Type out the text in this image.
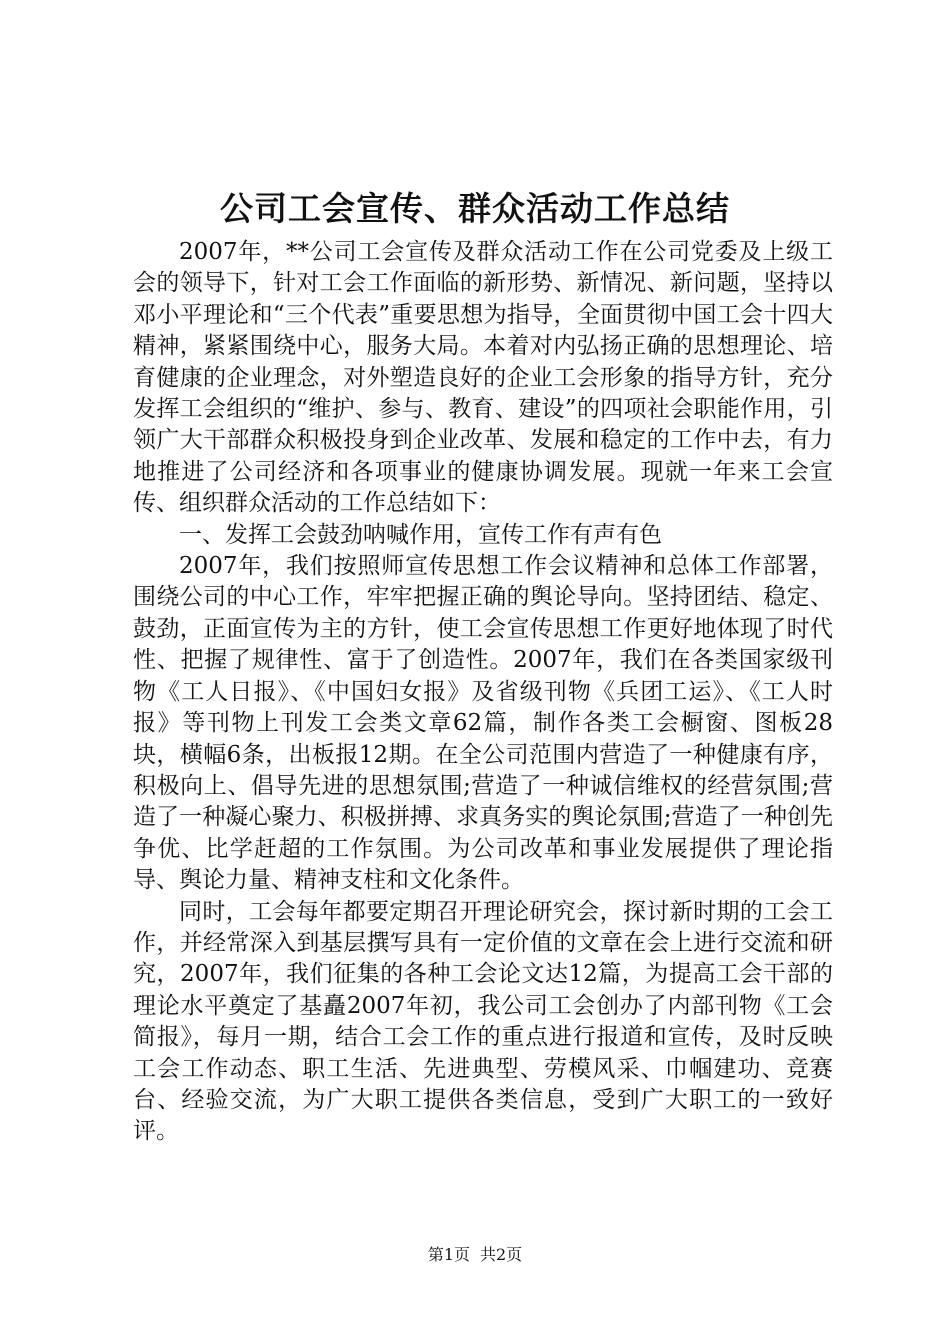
公司工会宣传、群众活动工作总结

2007年，**公司工会宣传及群众活动工作在公司党委及上级工会的领导下，针对工会工作面临的新形势、新情况、新问题，坚持以邓小平理论和“三个代表”重要思想为指导，全面贯彻中国工会十四大精神，紧紧围绕中心，服务大局。本着对内弘扬正确的思想理论、培育健康的企业理念，对外塑造良好的企业工会形象的指导方针，充分发挥工会组织的“维护、参与、教育、建设”的四项社会职能作用，引领广大干部群众积极投身到企业改革、发展和稳定的工作中去，有力地推进了公司经济和各项事业的健康协调发展。现就一年来工会宣传、组织群众活动的工作总结如下：

一、发挥工会鼓劲呐喊作用，宣传工作有声有色

2007年，我们按照师宣传思想工作会议精神和总体工作部署，围绕公司的中心工作，牢牢把握正确的舆论导向。坚持团结、稳定、鼓劲，正面宣传为主的方针，使工会宣传思想工作更好地体现了时代性、把握了规律性、富于了创造性。2007年，我们在各类国家级刊物《工人日报》、《中国妇女报》及省级刊物《兵团工运》、《工人时报》等刊物上刊发工会类文章62篇，制作各类工会橱窗、图板28块，横幅6条，出板报12期。在全公司范围内营造了一种健康有序，积极向上、倡导先进的思想氛围;营造了一种诚信维权的经营氛围;营造了一种凝心聚力、积极拼搏、求真务实的舆论氛围;营造了一种创先争优、比学赶超的工作氛围。为公司改革和事业发展提供了理论指导、舆论力量、精神支柱和文化条件。

同时，工会每年都要定期召开理论研究会，探讨新时期的工会工作，并经常深入到基层撰写具有一定价值的文章在会上进行交流和研究，2007年，我们征集的各种工会论文达12篇，为提高工会干部的理论水平奠定了基矗2007年初，我公司工会创办了内部刊物《工会简报》，每月一期，结合工会工作的重点进行报道和宣传，及时反映工会工作动态、职工生活、先进典型、劳模风采、巾帼建功、竞赛台、经验交流，为广大职工提供各类信息，受到广大职工的一致好评。

第1页 共2页
